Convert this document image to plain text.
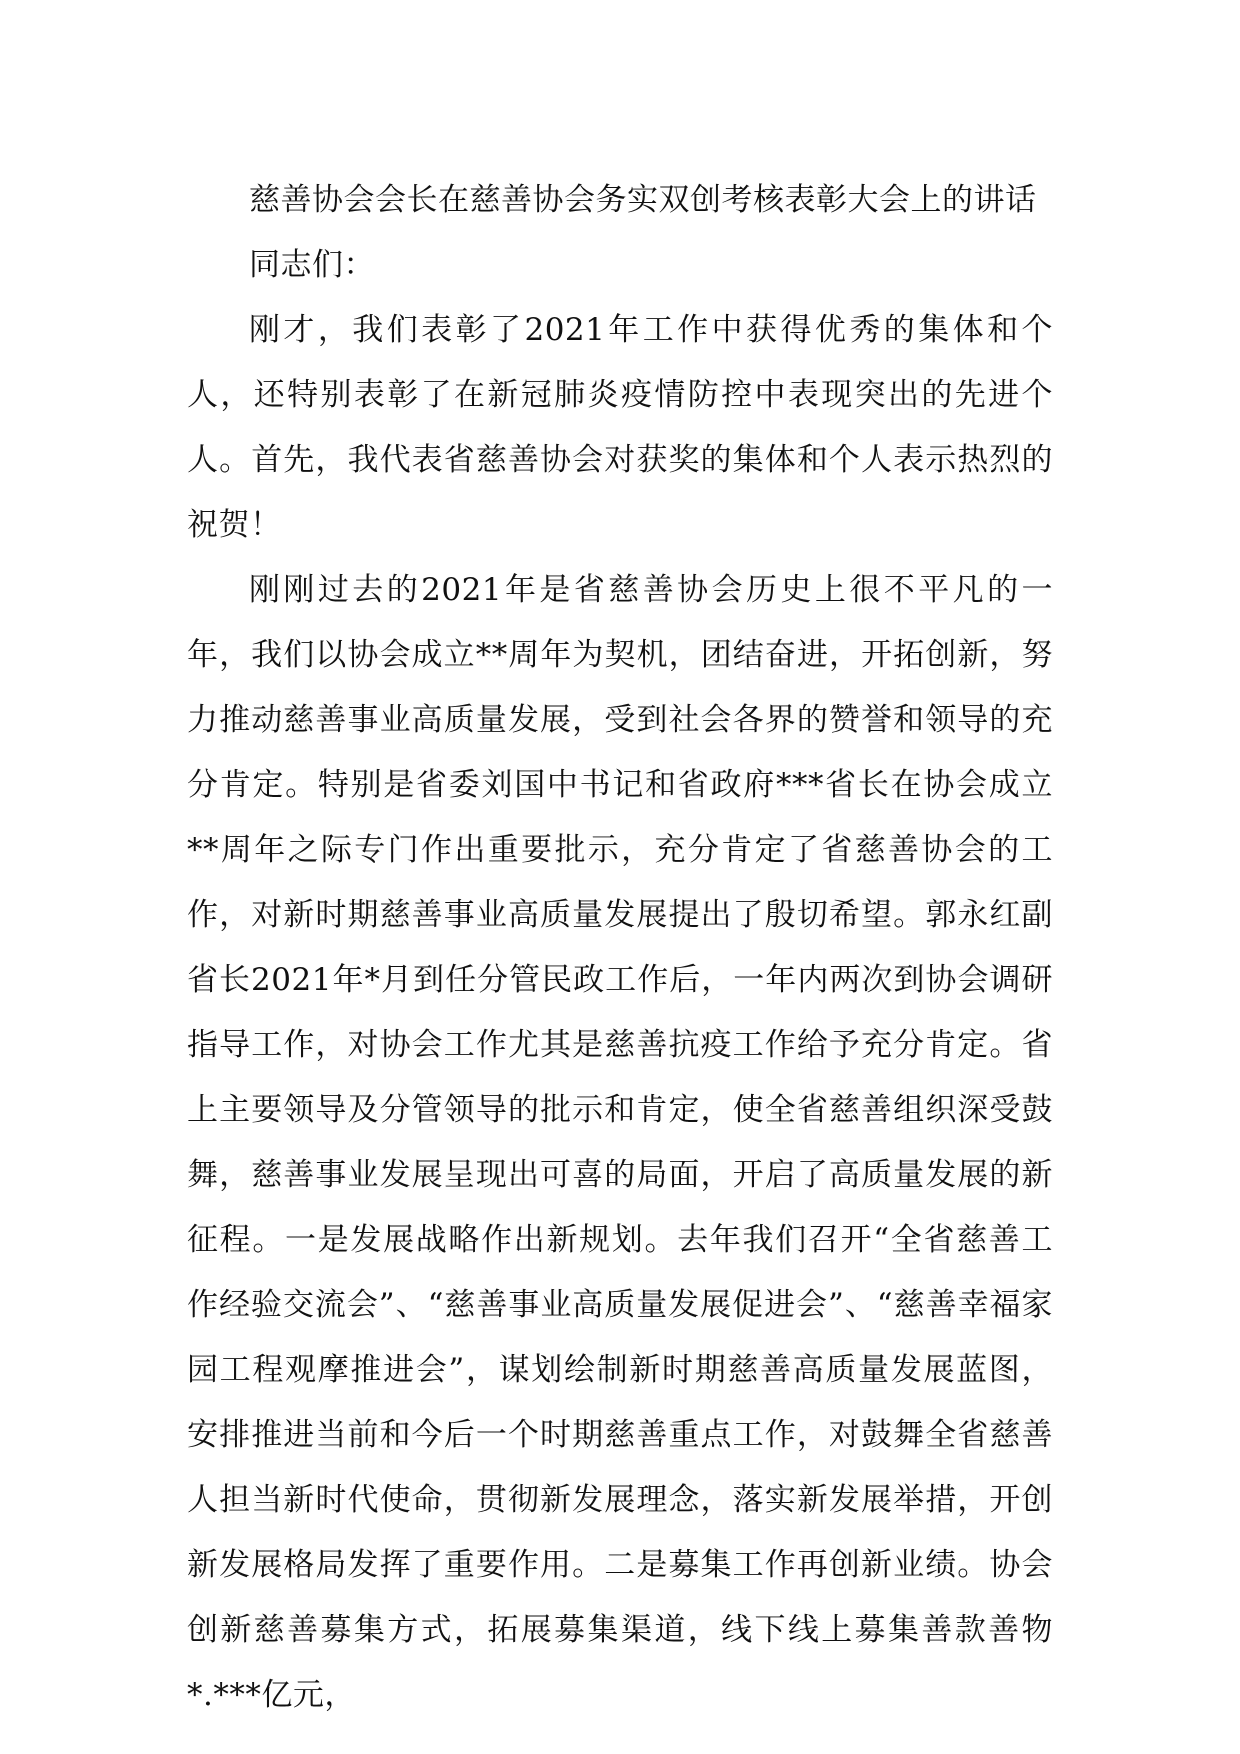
慈善协会会长在慈善协会务实双创考核表彰大会上的讲话

同志们：

刚才，我们表彰了2021年工作中获得优秀的集体和个人，还特别表彰了在新冠肺炎疫情防控中表现突出的先进个人。首先，我代表省慈善协会对获奖的集体和个人表示热烈的祝贺！

刚刚过去的2021年是省慈善协会历史上很不平凡的一年，我们以协会成立**周年为契机，团结奋进，开拓创新，努力推动慈善事业高质量发展，受到社会各界的赞誉和领导的充分肯定。特别是省委刘国中书记和省政府***省长在协会成立**周年之际专门作出重要批示，充分肯定了省慈善协会的工作，对新时期慈善事业高质量发展提出了殷切希望。郭永红副省长2021年*月到任分管民政工作后，一年内两次到协会调研指导工作，对协会工作尤其是慈善抗疫工作给予充分肯定。省上主要领导及分管领导的批示和肯定，使全省慈善组织深受鼓舞，慈善事业发展呈现出可喜的局面，开启了高质量发展的新征程。一是发展战略作出新规划。去年我们召开“全省慈善工作经验交流会”、“慈善事业高质量发展促进会”、“慈善幸福家园工程观摩推进会”，谋划绘制新时期慈善高质量发展蓝图，安排推进当前和今后一个时期慈善重点工作，对鼓舞全省慈善人担当新时代使命，贯彻新发展理念，落实新发展举措，开创新发展格局发挥了重要作用。二是募集工作再创新业绩。协会创新慈善募集方式，拓展募集渠道，线下线上募集善款善物*.***亿元，
